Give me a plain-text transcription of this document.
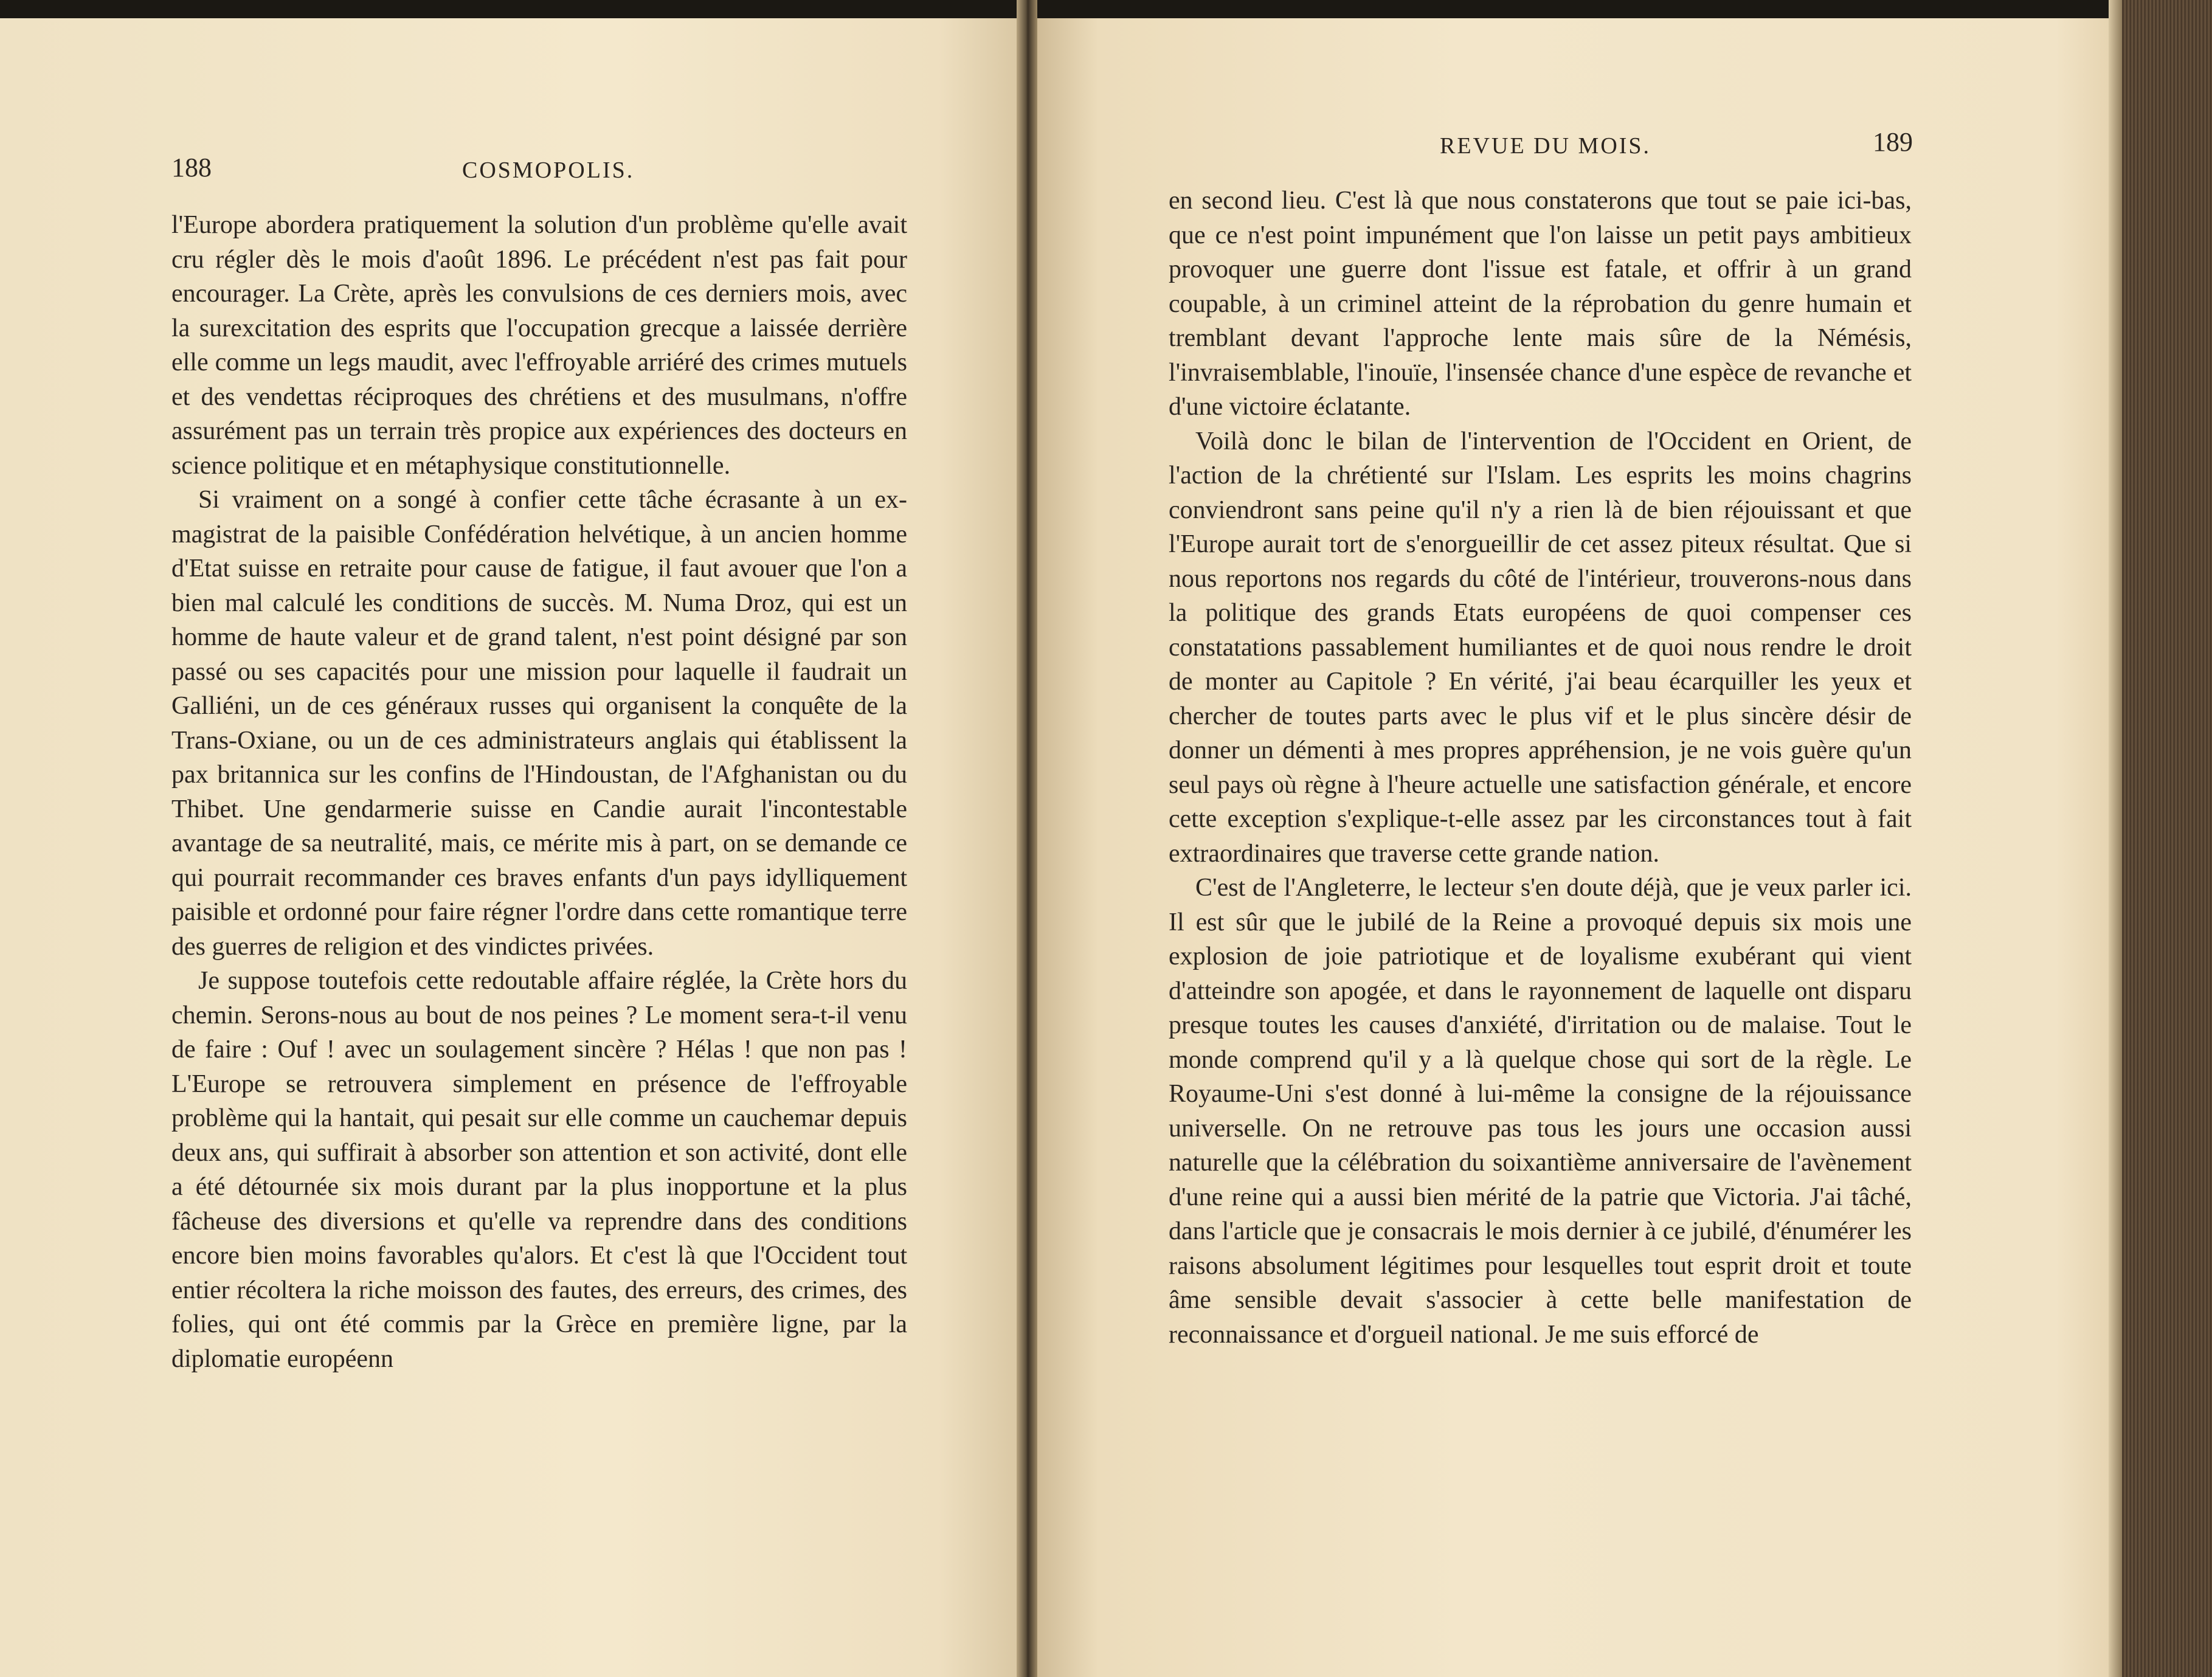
188	COSMOPOLIS.
REVUE DU MOIS.	189

l'Europe abordera pratiquement la solution d'un problème qu'elle avait cru régler dès le mois d'août 1896. Le précédent n'est pas fait pour encourager. La Crète, après les convulsions de ces derniers mois, avec la surexcitation des esprits que l'occupation grecque a laissée derrière elle comme un legs maudit, avec l'effroyable arriéré des crimes mutuels et des vendettas réciproques des chrétiens et des musulmans, n'offre assurément pas un terrain très propice aux expériences des docteurs en science politique et en métaphysique constitutionnelle.

Si vraiment on a songé à confier cette tâche écrasante à un ex-magistrat de la paisible Confédération helvétique, à un ancien homme d'Etat suisse en retraite pour cause de fatigue, il faut avouer que l'on a bien mal calculé les conditions de succès. M. Numa Droz, qui est un homme de haute valeur et de grand talent, n'est point désigné par son passé ou ses capacités pour une mission pour laquelle il faudrait un Galliéni, un de ces généraux russes qui organisent la conquête de la Trans-Oxiane, ou un de ces administrateurs anglais qui établissent la pax britannica sur les confins de l'Hindoustan, de l'Afghanistan ou du Thibet. Une gendarmerie suisse en Candie aurait l'incontestable avantage de sa neutralité, mais, ce mérite mis à part, on se demande ce qui pourrait recommander ces braves enfants d'un pays idylliquement paisible et ordonné pour faire régner l'ordre dans cette romantique terre des guerres de religion et des vindictes privées.

Je suppose toutefois cette redoutable affaire réglée, la Crète hors du chemin. Serons-nous au bout de nos peines ? Le moment sera-t-il venu de faire : Ouf ! avec un soulagement sincère ? Hélas ! que non pas ! L'Europe se retrouvera simplement en présence de l'effroyable problème qui la hantait, qui pesait sur elle comme un cauchemar depuis deux ans, qui suffirait à absorber son attention et son activité, dont elle a été détournée six mois durant par la plus inopportune et la plus fâcheuse des diversions et qu'elle va reprendre dans des conditions encore bien moins favorables qu'alors. Et c'est là que l'Occident tout entier récoltera la riche moisson des fautes, des erreurs, des crimes, des folies, qui ont été commis par la Grèce en première ligne, par la diplomatie européenn

en second lieu. C'est là que nous constaterons que tout se paie ici-bas, que ce n'est point impunément que l'on laisse un petit pays ambitieux provoquer une guerre dont l'issue est fatale, et offrir à un grand coupable, à un criminel atteint de la réprobation du genre humain et tremblant devant l'approche lente mais sûre de la Némésis, l'invraisemblable, l'inouïe, l'insensée chance d'une espèce de revanche et d'une victoire éclatante.

Voilà donc le bilan de l'intervention de l'Occident en Orient, de l'action de la chrétienté sur l'Islam. Les esprits les moins chagrins conviendront sans peine qu'il n'y a rien là de bien réjouissant et que l'Europe aurait tort de s'enorgueillir de cet assez piteux résultat. Que si nous reportons nos regards du côté de l'intérieur, trouverons-nous dans la politique des grands Etats européens de quoi compenser ces constatations passablement humiliantes et de quoi nous rendre le droit de monter au Capitole ? En vérité, j'ai beau écarquiller les yeux et chercher de toutes parts avec le plus vif et le plus sincère désir de donner un démenti à mes propres appréhension, je ne vois guère qu'un seul pays où règne à l'heure actuelle une satisfaction générale, et encore cette exception s'explique-t-elle assez par les circonstances tout à fait extraordinaires que traverse cette grande nation.

C'est de l'Angleterre, le lecteur s'en doute déjà, que je veux parler ici. Il est sûr que le jubilé de la Reine a provoqué depuis six mois une explosion de joie patriotique et de loyalisme exubérant qui vient d'atteindre son apogée, et dans le rayonnement de laquelle ont disparu presque toutes les causes d'anxiété, d'irritation ou de malaise. Tout le monde comprend qu'il y a là quelque chose qui sort de la règle. Le Royaume-Uni s'est donné à lui-même la consigne de la réjouissance universelle. On ne retrouve pas tous les jours une occasion aussi naturelle que la célébration du soixantième anniversaire de l'avènement d'une reine qui a aussi bien mérité de la patrie que Victoria. J'ai tâché, dans l'article que je consacrais le mois dernier à ce jubilé, d'énumérer les raisons absolument légitimes pour lesquelles tout esprit droit et toute âme sensible devait s'associer à cette belle manifestation de reconnaissance et d'orgueil national. Je me suis efforcé de
